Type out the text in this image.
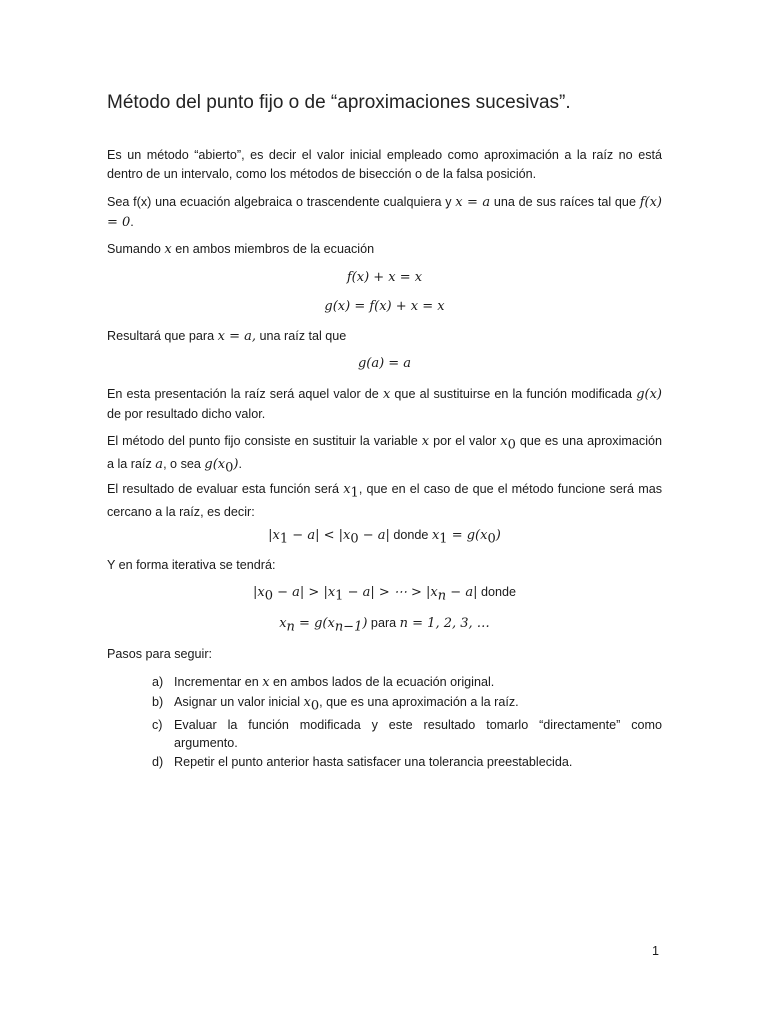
Método del punto fijo o de “aproximaciones sucesivas”.

Es un método “abierto”, es decir el valor inicial empleado como aproximación a la raíz no está dentro de un intervalo, como los métodos de bisección o de la falsa posición.

Sea f(x) una ecuación algebraica o trascendente cualquiera y x = a una de sus raíces tal que f(x) = 0.

Sumando x en ambos miembros de la ecuación

f(x) + x = x
g(x) = f(x) + x = x

Resultará que para x = a, una raíz tal que

g(a) = a

En esta presentación la raíz será aquel valor de x que al sustituirse en la función modificada g(x) de por resultado dicho valor.

El método del punto fijo consiste en sustituir la variable x por el valor $x_0$ que es una aproximación a la raíz a, o sea $g(x_0)$.

El resultado de evaluar esta función será $x_1$, que en el caso de que el método funcione será mas cercano a la raíz, es decir:

$|x_1 - a| < |x_0 - a|$ donde $x_1 = g(x_0)$

Y en forma iterativa se tendrá:

$|x_0 - a| > |x_1 - a|$ > ⋯ > $|x_n - a|$ donde
$x_n = g(x_{n-1})$ para n = 1, 2, 3, …

Pasos para seguir:

a) Incrementar en x en ambos lados de la ecuación original.
b) Asignar un valor inicial $x_0$, que es una aproximación a la raíz.
c) Evaluar la función modificada y este resultado tomarlo “directamente” como argumento.
d) Repetir el punto anterior hasta satisfacer una tolerancia preestablecida.
1
